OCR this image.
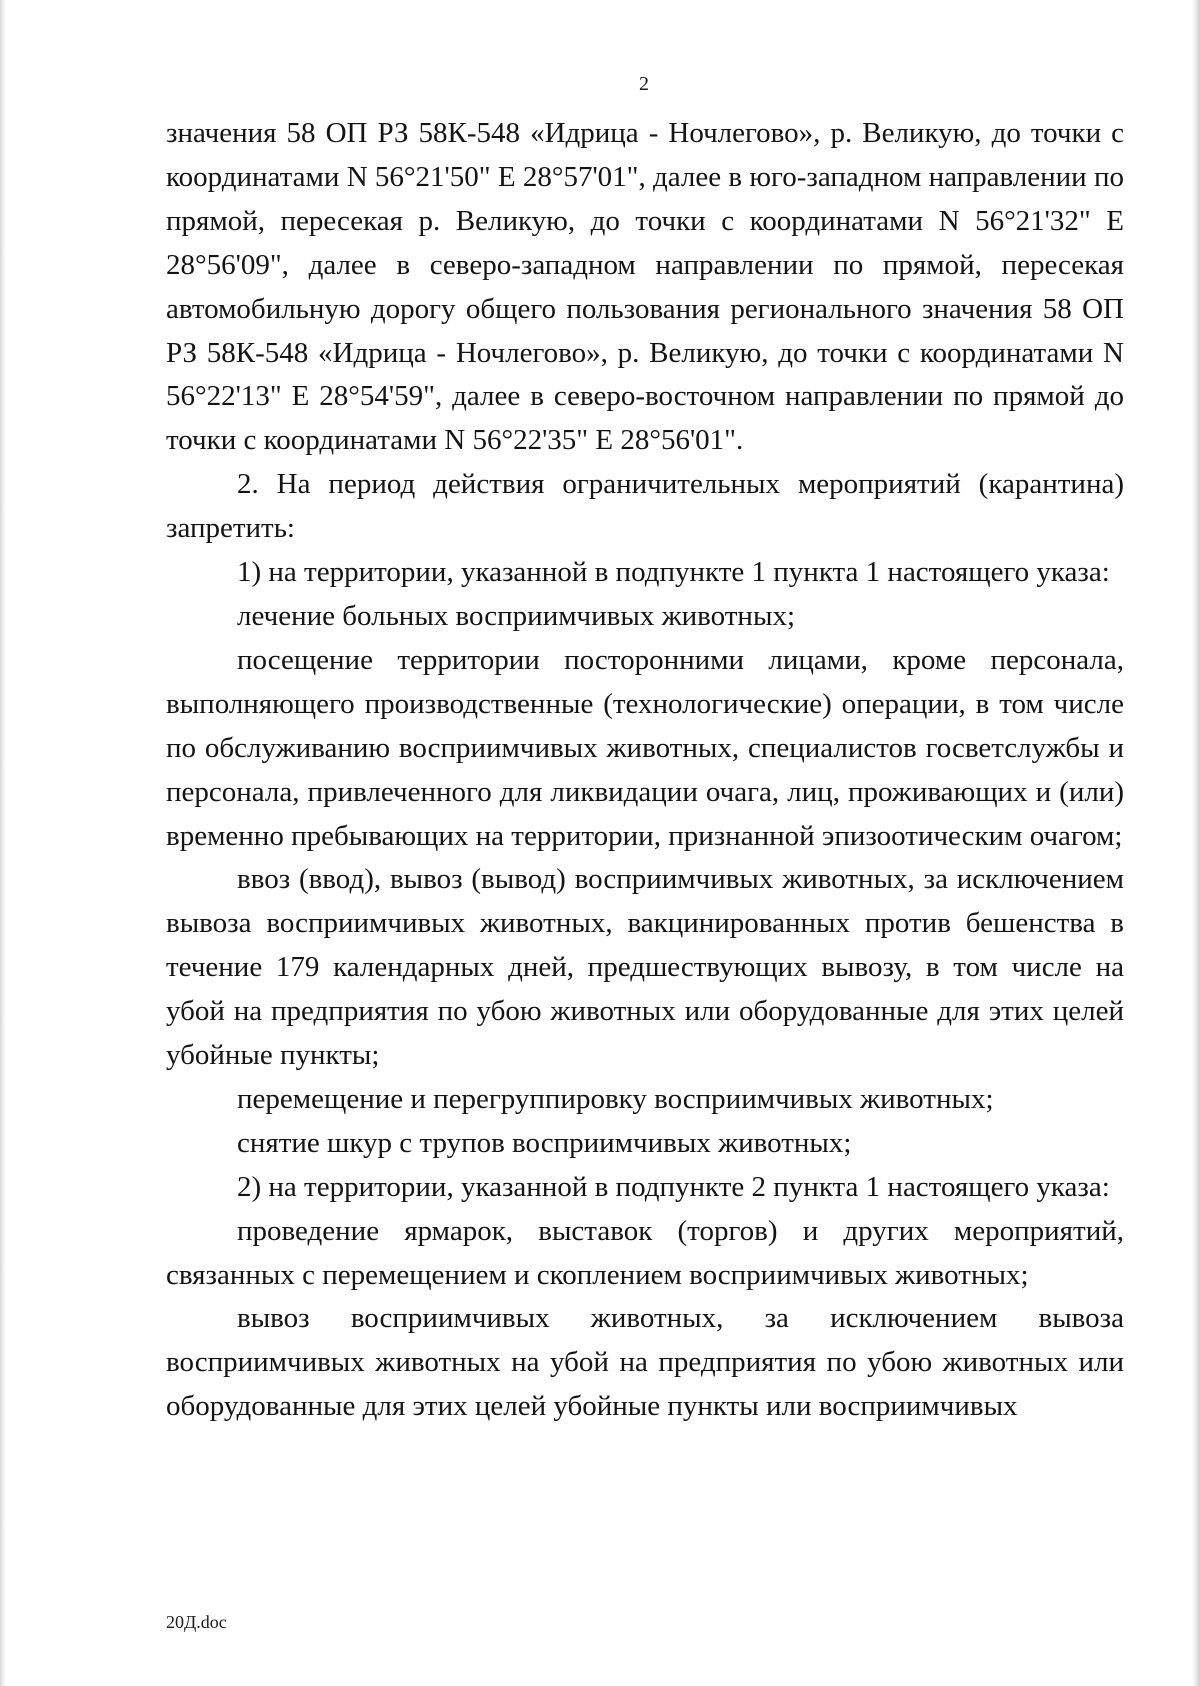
2

значения 58 ОП РЗ 58К-548 «Идрица - Ночлегово», р. Великую, до точки с координатами N 56°21'50" E 28°57'01", далее в юго-западном направлении по прямой, пересекая р. Великую, до точки с координатами N 56°21'32" E 28°56'09", далее в северо-западном направлении по прямой, пересекая автомобильную дорогу общего пользования регионального значения 58 ОП РЗ 58К-548 «Идрица - Ночлегово», р. Великую, до точки с координатами N 56°22'13" E 28°54'59", далее в северо-восточном направлении по прямой до точки с координатами N 56°22'35" E 28°56'01".

2. На период действия ограничительных мероприятий (карантина) запретить:

1) на территории, указанной в подпункте 1 пункта 1 настоящего указа:

лечение больных восприимчивых животных;

посещение территории посторонними лицами, кроме персонала, выполняющего производственные (технологические) операции, в том числе по обслуживанию восприимчивых животных, специалистов госветслужбы и персонала, привлеченного для ликвидации очага, лиц, проживающих и (или) временно пребывающих на территории, признанной эпизоотическим очагом;

ввоз (ввод), вывоз (вывод) восприимчивых животных, за исключением вывоза восприимчивых животных, вакцинированных против бешенства в течение 179 календарных дней, предшествующих вывозу, в том числе на убой на предприятия по убою животных или оборудованные для этих целей убойные пункты;

перемещение и перегруппировку восприимчивых животных;

снятие шкур с трупов восприимчивых животных;

2) на территории, указанной в подпункте 2 пункта 1 настоящего указа:

проведение ярмарок, выставок (торгов) и других мероприятий, связанных с перемещением и скоплением восприимчивых животных;

вывоз восприимчивых животных, за исключением вывоза восприимчивых животных на убой на предприятия по убою животных или оборудованные для этих целей убойные пункты или восприимчивых

20Д.doc
